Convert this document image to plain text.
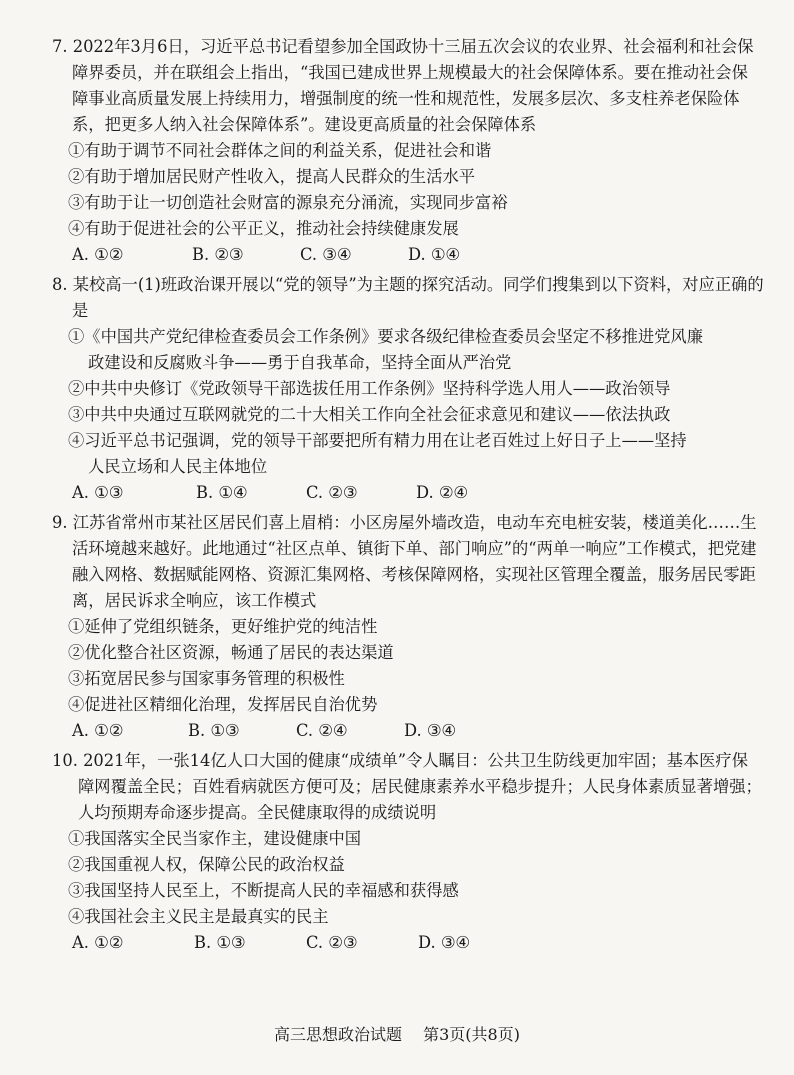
7. 2022年3月6日，习近平总书记看望参加全国政协十三届五次会议的农业界、社会福利和社会保障界委员，并在联组会上指出，“我国已建成世界上规模最大的社会保障体系。要在推动社会保障事业高质量发展上持续用力，增强制度的统一性和规范性，发展多层次、多支柱养老保险体系，把更多人纳入社会保障体系”。建设更高质量的社会保障体系
①有助于调节不同社会群体之间的利益关系，促进社会和谐
②有助于增加居民财产性收入，提高人民群众的生活水平
③有助于让一切创造社会财富的源泉充分涌流，实现同步富裕
④有助于促进社会的公平正义，推动社会持续健康发展
A. ①②	B. ②③	C. ③④	D. ①④
8. 某校高一(1)班政治课开展以“党的领导”为主题的探究活动。同学们搜集到以下资料，对应正确的是
①《中国共产党纪律检查委员会工作条例》要求各级纪律检查委员会坚定不移推进党风廉
政建设和反腐败斗争——勇于自我革命，坚持全面从严治党
②中共中央修订《党政领导干部选拔任用工作条例》坚持科学选人用人——政治领导
③中共中央通过互联网就党的二十大相关工作向全社会征求意见和建议——依法执政
④习近平总书记强调，党的领导干部要把所有精力用在让老百姓过上好日子上——坚持
人民立场和人民主体地位
A. ①③	B. ①④	C. ②③	D. ②④
9. 江苏省常州市某社区居民们喜上眉梢：小区房屋外墙改造，电动车充电桩安装，楼道美化……生活环境越来越好。此地通过“社区点单、镇街下单、部门响应”的“两单一响应”工作模式，把党建融入网格、数据赋能网格、资源汇集网格、考核保障网格，实现社区管理全覆盖，服务居民零距离，居民诉求全响应，该工作模式
①延伸了党组织链条，更好维护党的纯洁性
②优化整合社区资源，畅通了居民的表达渠道
③拓宽居民参与国家事务管理的积极性
④促进社区精细化治理，发挥居民自治优势
A. ①②	B. ①③	C. ②④	D. ③④
10. 2021年，一张14亿人口大国的健康“成绩单”令人瞩目：公共卫生防线更加牢固；基本医疗保障网覆盖全民；百姓看病就医方便可及；居民健康素养水平稳步提升；人民身体素质显著增强；人均预期寿命逐步提高。全民健康取得的成绩说明
①我国落实全民当家作主，建设健康中国
②我国重视人权，保障公民的政治权益
③我国坚持人民至上，不断提高人民的幸福感和获得感
④我国社会主义民主是最真实的民主
A. ①②	B. ①③	C. ②③	D. ③④
高三思想政治试题 第3页(共8页)
